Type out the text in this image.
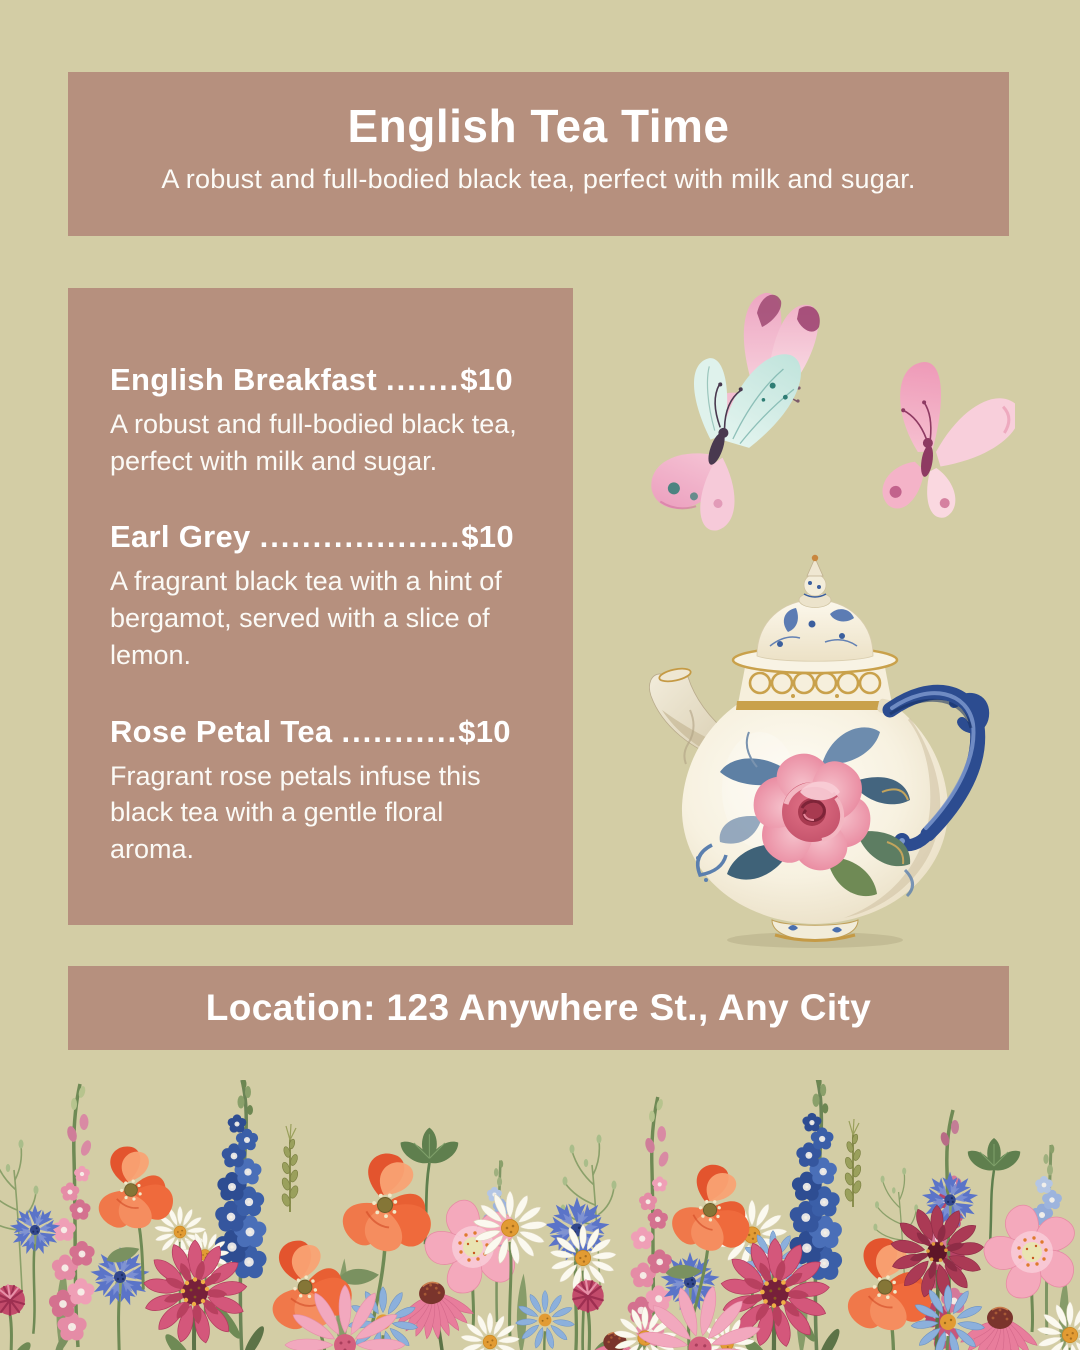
English Tea Time
A robust and full-bodied black tea, perfect with milk and sugar.
English Breakfast .......$10
A robust and full-bodied black tea, perfect with milk and sugar.
Earl Grey ...................$10
A fragrant black tea with a hint of bergamot, served with a slice of lemon.
Rose Petal Tea ...........$10
Fragrant rose petals infuse this black tea with a gentle floral aroma.
Location: 123 Anywhere St., Any City
